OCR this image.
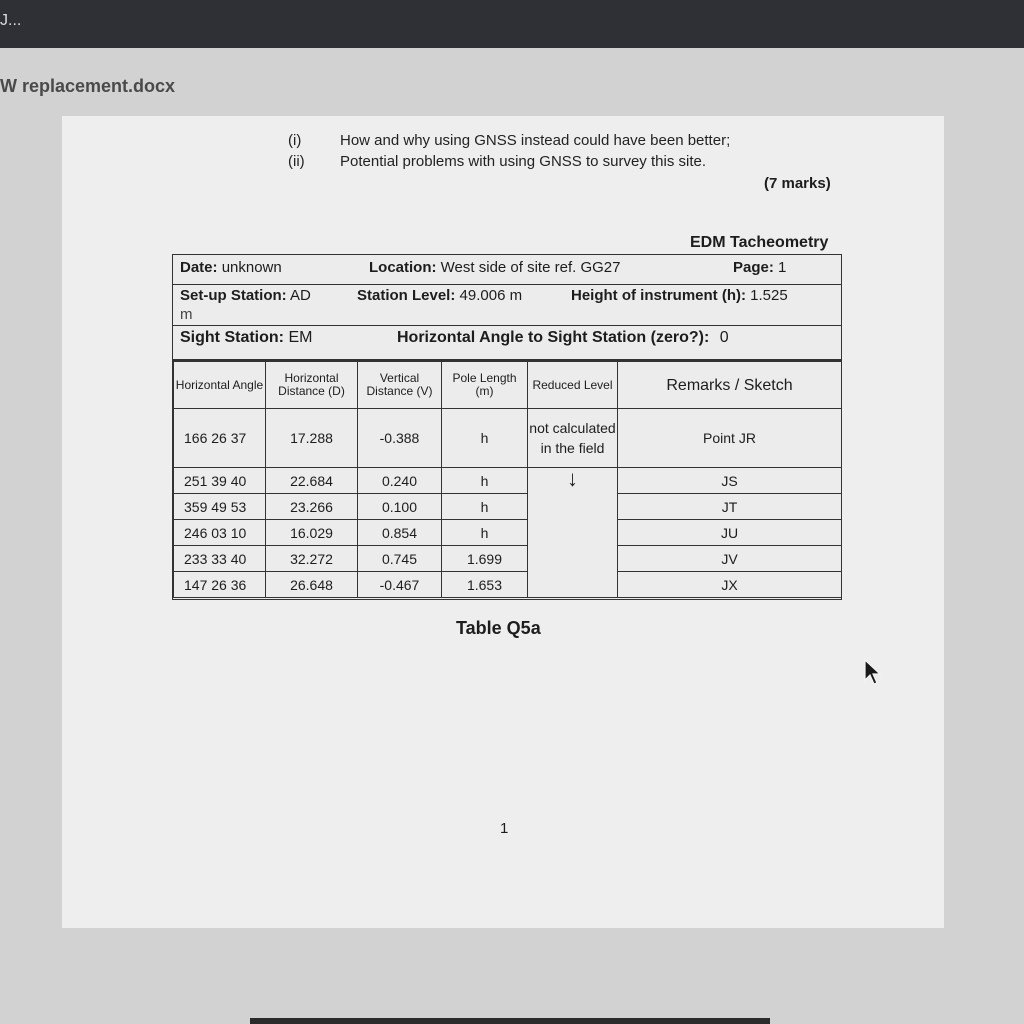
J...
W replacement.docx
(i)	How and why using GNSS instead could have been better;
(ii) Potential problems with using GNSS to survey this site.
(7 marks)
EDM Tacheometry
Date: unknown	Location: West side of site ref. GG27	Page: 1
Set-up Station: AD	Station Level: 49.006 m	Height of instrument (h): 1.525
m
Sight Station: EM	Horizontal Angle to Sight Station (zero?): 0
Horizontal Angle	Horizontal Distance (D)	Vertical Distance (V)	Pole Length (m)	Reduced Level	Remarks / Sketch
166 26 37	17.288	-0.388	h	not calculated in the field	Point JR
251 39 40	22.684	0.240	h	↓	JS
359 49 53	23.266	0.100	h		JT
246 03 10	16.029	0.854	h		JU
233 33 40	32.272	0.745	1.699		JV
147 26 36	26.648	-0.467	1.653		JX
Table Q5a
1
